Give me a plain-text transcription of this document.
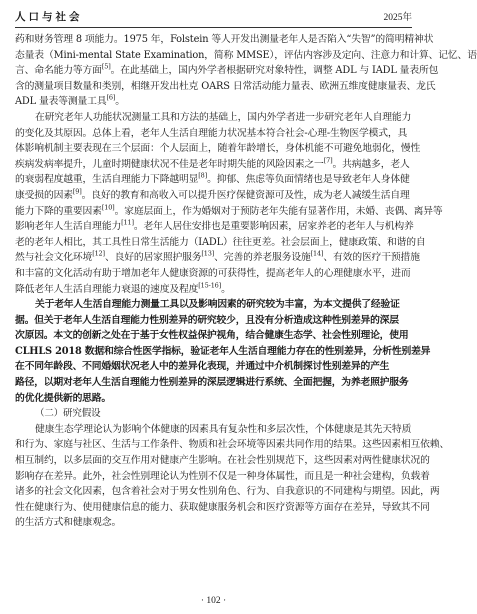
人口与社会	2025年
药和财务管理 8 项能力。1975 年，Folstein 等人开发出测量老年人是否陷入“失智”的简明精神状
态量表（Mini-mental State Examination，简称 MMSE），评估内容涉及定向、注意力和计算、记忆、语
言、命名能力等方面[5]。在此基础上，国内外学者根据研究对象特性，调整 ADL 与 IADL 量表所包
含的测量项目数量和类别，相继开发出杜克 OARS 日常活动能力量表、欧洲五维度健康量表、龙氏
ADL 量表等测量工具[6]。
在研究老年人功能状况测量工具和方法的基础上，国内外学者进一步研究老年人自理能力
的变化及其原因。总体上看，老年人生活自理能力状况基本符合社会-心理-生物医学模式，具
体影响机制主要表现在三个层面：个人层面上，随着年龄增长，身体机能不可避免地弱化，慢性
疾病发病率提升，儿童时期健康状况不佳是老年时期失能的风险因素之一[7]。共病越多，老人
的衰弱程度越重，生活自理能力下降越明显[8]。抑郁、焦虑等负面情绪也是导致老年人身体健
康受损的因素[9]。良好的教育和高收入可以提升医疗保健资源可及性，成为老人减缓生活自理
能力下降的重要因素[10]。家庭层面上，作为婚姻对于预防老年失能有显著作用，未婚、丧偶、离异等
影响老年人生活自理能力[11]。老年人居住安排也是重要影响因素，居家养老的老年人与机构养
老的老年人相比，其工具性日常生活能力（IADL）往往更差。社会层面上，健康政策、和谐的自
然与社会文化环境[12]、良好的居家照护服务[13]、完善的养老服务设施[14]、有效的医疗干预措施
和丰富的文化活动有助于增加老年人健康资源的可获得性，提高老年人的心理健康水平，进而
降低老年人生活自理能力衰退的速度及程度[15-16]。
关于老年人生活自理能力测量工具以及影响因素的研究较为丰富，为本文提供了经验证
据。但关于老年人生活自理能力性别差异的研究较少，且没有分析造成这种性别差异的深层
次原因。本文的创新之处在于基于女性权益保护视角，结合健康生态学、社会性别理论，使用
CLHLS 2018 数据和综合性医学指标，验证老年人生活自理能力存在的性别差异，分析性别差异
在不同年龄段、不同婚姻状况老人中的差异化表现，并通过中介机制探讨性别差异的产生
路径，以期对老年人生活自理能力性别差异的深层逻辑进行系统、全面把握，为养老照护服务
的优化提供新的思路。
（二）研究假设
健康生态学理论认为影响个体健康的因素具有复杂性和多层次性，个体健康是其先天特质
和行为、家庭与社区、生活与工作条件、物质和社会环境等因素共同作用的结果。这些因素相互依赖、
相互制约，以多层面的交互作用对健康产生影响。在社会性别规范下，这些因素对两性健康状况的
影响存在差异。此外，社会性别理论认为性别不仅是一种身体属性，而且是一种社会建构，负载着
诸多的社会文化因素，包含着社会对于男女性别角色、行为、自我意识的不同建构与期望。因此，两
性在健康行为、使用健康信息的能力、获取健康服务机会和医疗资源等方面存在差异，导致其不同
的生活方式和健康观念。
· 102 ·
